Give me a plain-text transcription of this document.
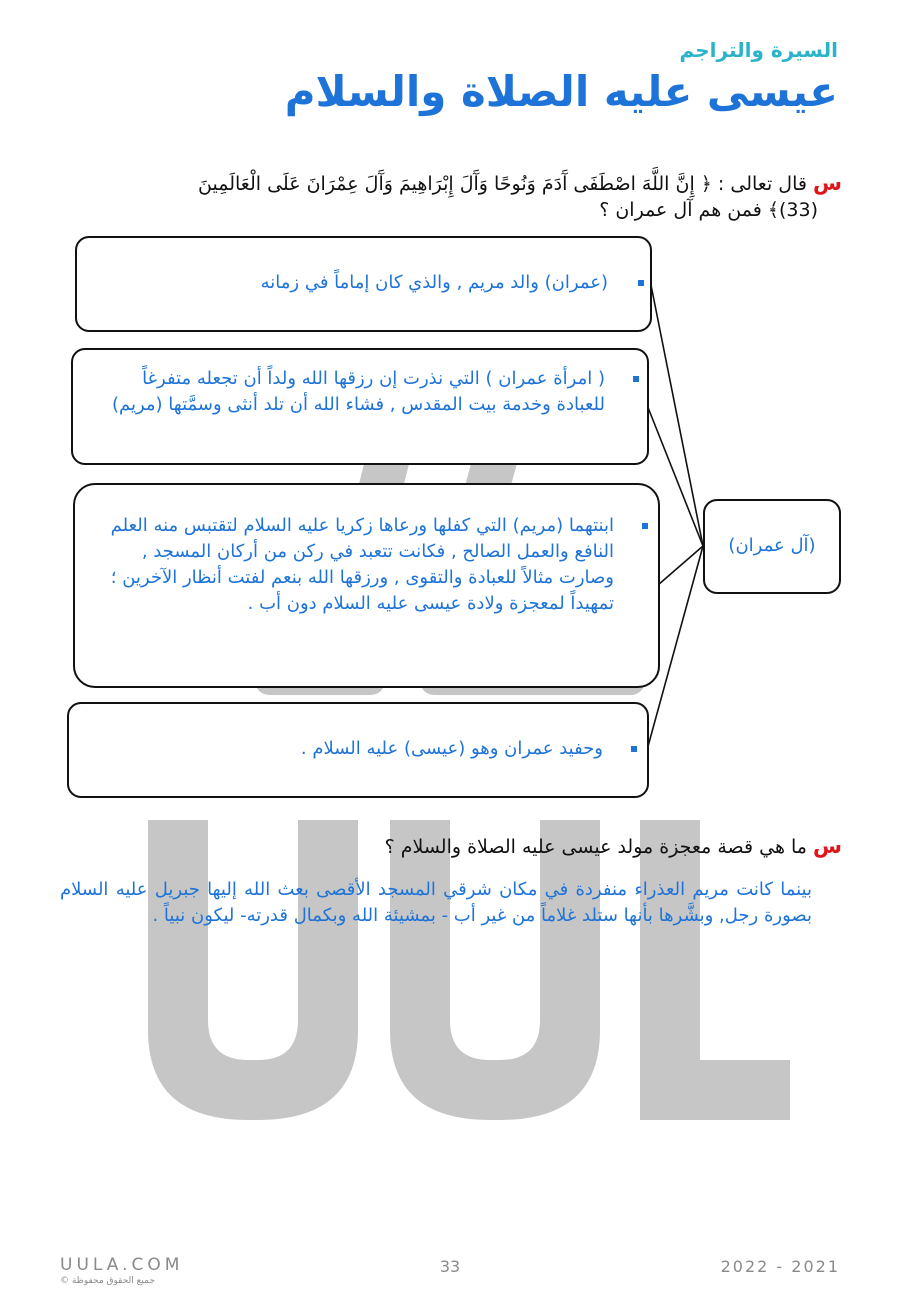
السيرة والتراجم
عيسى عليه الصلاة والسلام
س قال تعالى : ﴿ إِنَّ اللَّهَ اصْطَفَى آَدَمَ وَنُوحًا وَآَلَ إِبْرَاهِيمَ وَآَلَ عِمْرَانَ عَلَى الْعَالَمِينَ
(33)﴾ فمن هم آل عمران ؟
(عمران) والد مريم , والذي كان إماماً في زمانه
( امرأة عمران ) التي نذرت إن رزقها الله ولداً أن تجعله متفرغاً للعبادة وخدمة بيت المقدس , فشاء الله أن تلد أنثى وسمَّتها (مريم)
ابنتهما (مريم) التي كفلها ورعاها زكريا عليه السلام لتقتبس منه العلم النافع والعمل الصالح , فكانت تتعبد في ركن من أركان المسجد , وصارت مثالاً للعبادة والتقوى , ورزقها الله بنعم لفتت أنظار الآخرين ؛ تمهيداً لمعجزة ولادة عيسى عليه السلام دون أب .
وحفيد عمران وهو (عيسى) عليه السلام .
(آل عمران)
س ما هي قصة معجزة مولد عيسى عليه الصلاة والسلام ؟
بينما كانت مريم العذراء منفردة في مكان شرقي المسجد الأقصى بعث الله إليها جبريل عليه السلام بصورة رجل, وبشَّرها بأنها ستلد غلاماً من غير أب - بمشيئة الله وبكمال قدرته- ليكون نبياً .
UULA.COM
جميع الحقوق محفوظة ©
33	2022 - 2021
